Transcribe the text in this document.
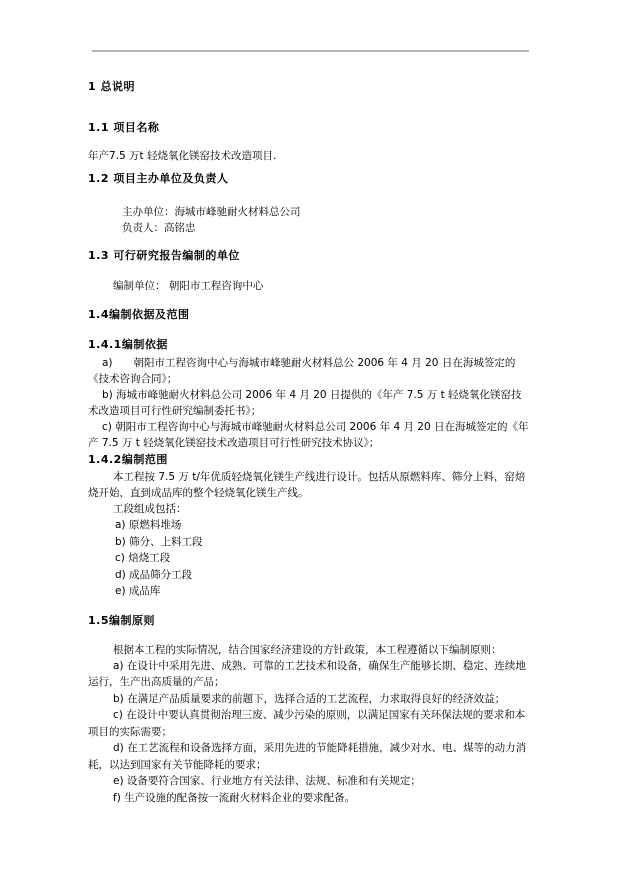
1 总说明
1.1 项目名称

年产7.5 万t 轻烧氧化镁窑技术改造项目.

1.2 项目主办单位及负责人

主办单位：海城市峰驰耐火材料总公司

负责人：高铭忠

1.3 可行研究报告编制的单位

编制单位： 朝阳市工程咨询中心

1.4编制依据及范围
1.4.1编制依据

a)　　朝阳市工程咨询中心与海城市峰驰耐火材料总公 2006 年 4 月 20 日在海城签定的《技术咨询合同》；

b) 海城市峰驰耐火材料总公司 2006 年 4 月 20 日提供的《年产 7.5 万 t 轻烧氧化镁窑技术改造项目可行性研究编制委托书》；

c) 朝阳市工程咨询中心与海城市峰驰耐火材料总公司 2006 年 4 月 20 日在海城签定的《年产 7.5 万 t 轻烧氧化镁窑技术改造项目可行性研究技术协议》；

1.4.2编制范围

本工程按 7.5 万 t/年优质轻烧氧化镁生产线进行设计。包括从原燃料库、筛分上料，窑焙烧开始，直到成品库的整个轻烧氧化镁生产线。

工段组成包括：

a) 原燃料堆场

b) 筛分、上料工段

c) 焙烧工段

d) 成品筛分工段

e) 成品库

1.5编制原则

根据本工程的实际情况，结合国家经济建设的方针政策，本工程遵循以下编制原则：

a) 在设计中采用先进、成熟、可靠的工艺技术和设备，确保生产能够长期、稳定、连续地运行，生产出高质量的产品；

b) 在满足产品质量要求的前题下，选择合适的工艺流程，力求取得良好的经济效益；

c) 在设计中要认真贯彻治理三废、减少污染的原则，以满足国家有关环保法规的要求和本项目的实际需要；

d) 在工艺流程和设备选择方面，采用先进的节能降耗措施，减少对水、电、煤等的动力消耗，以达到国家有关节能降耗的要求；

e) 设备要符合国家、行业地方有关法律、法规、标准和有关规定；

f) 生产设施的配备按一流耐火材料企业的要求配备。
